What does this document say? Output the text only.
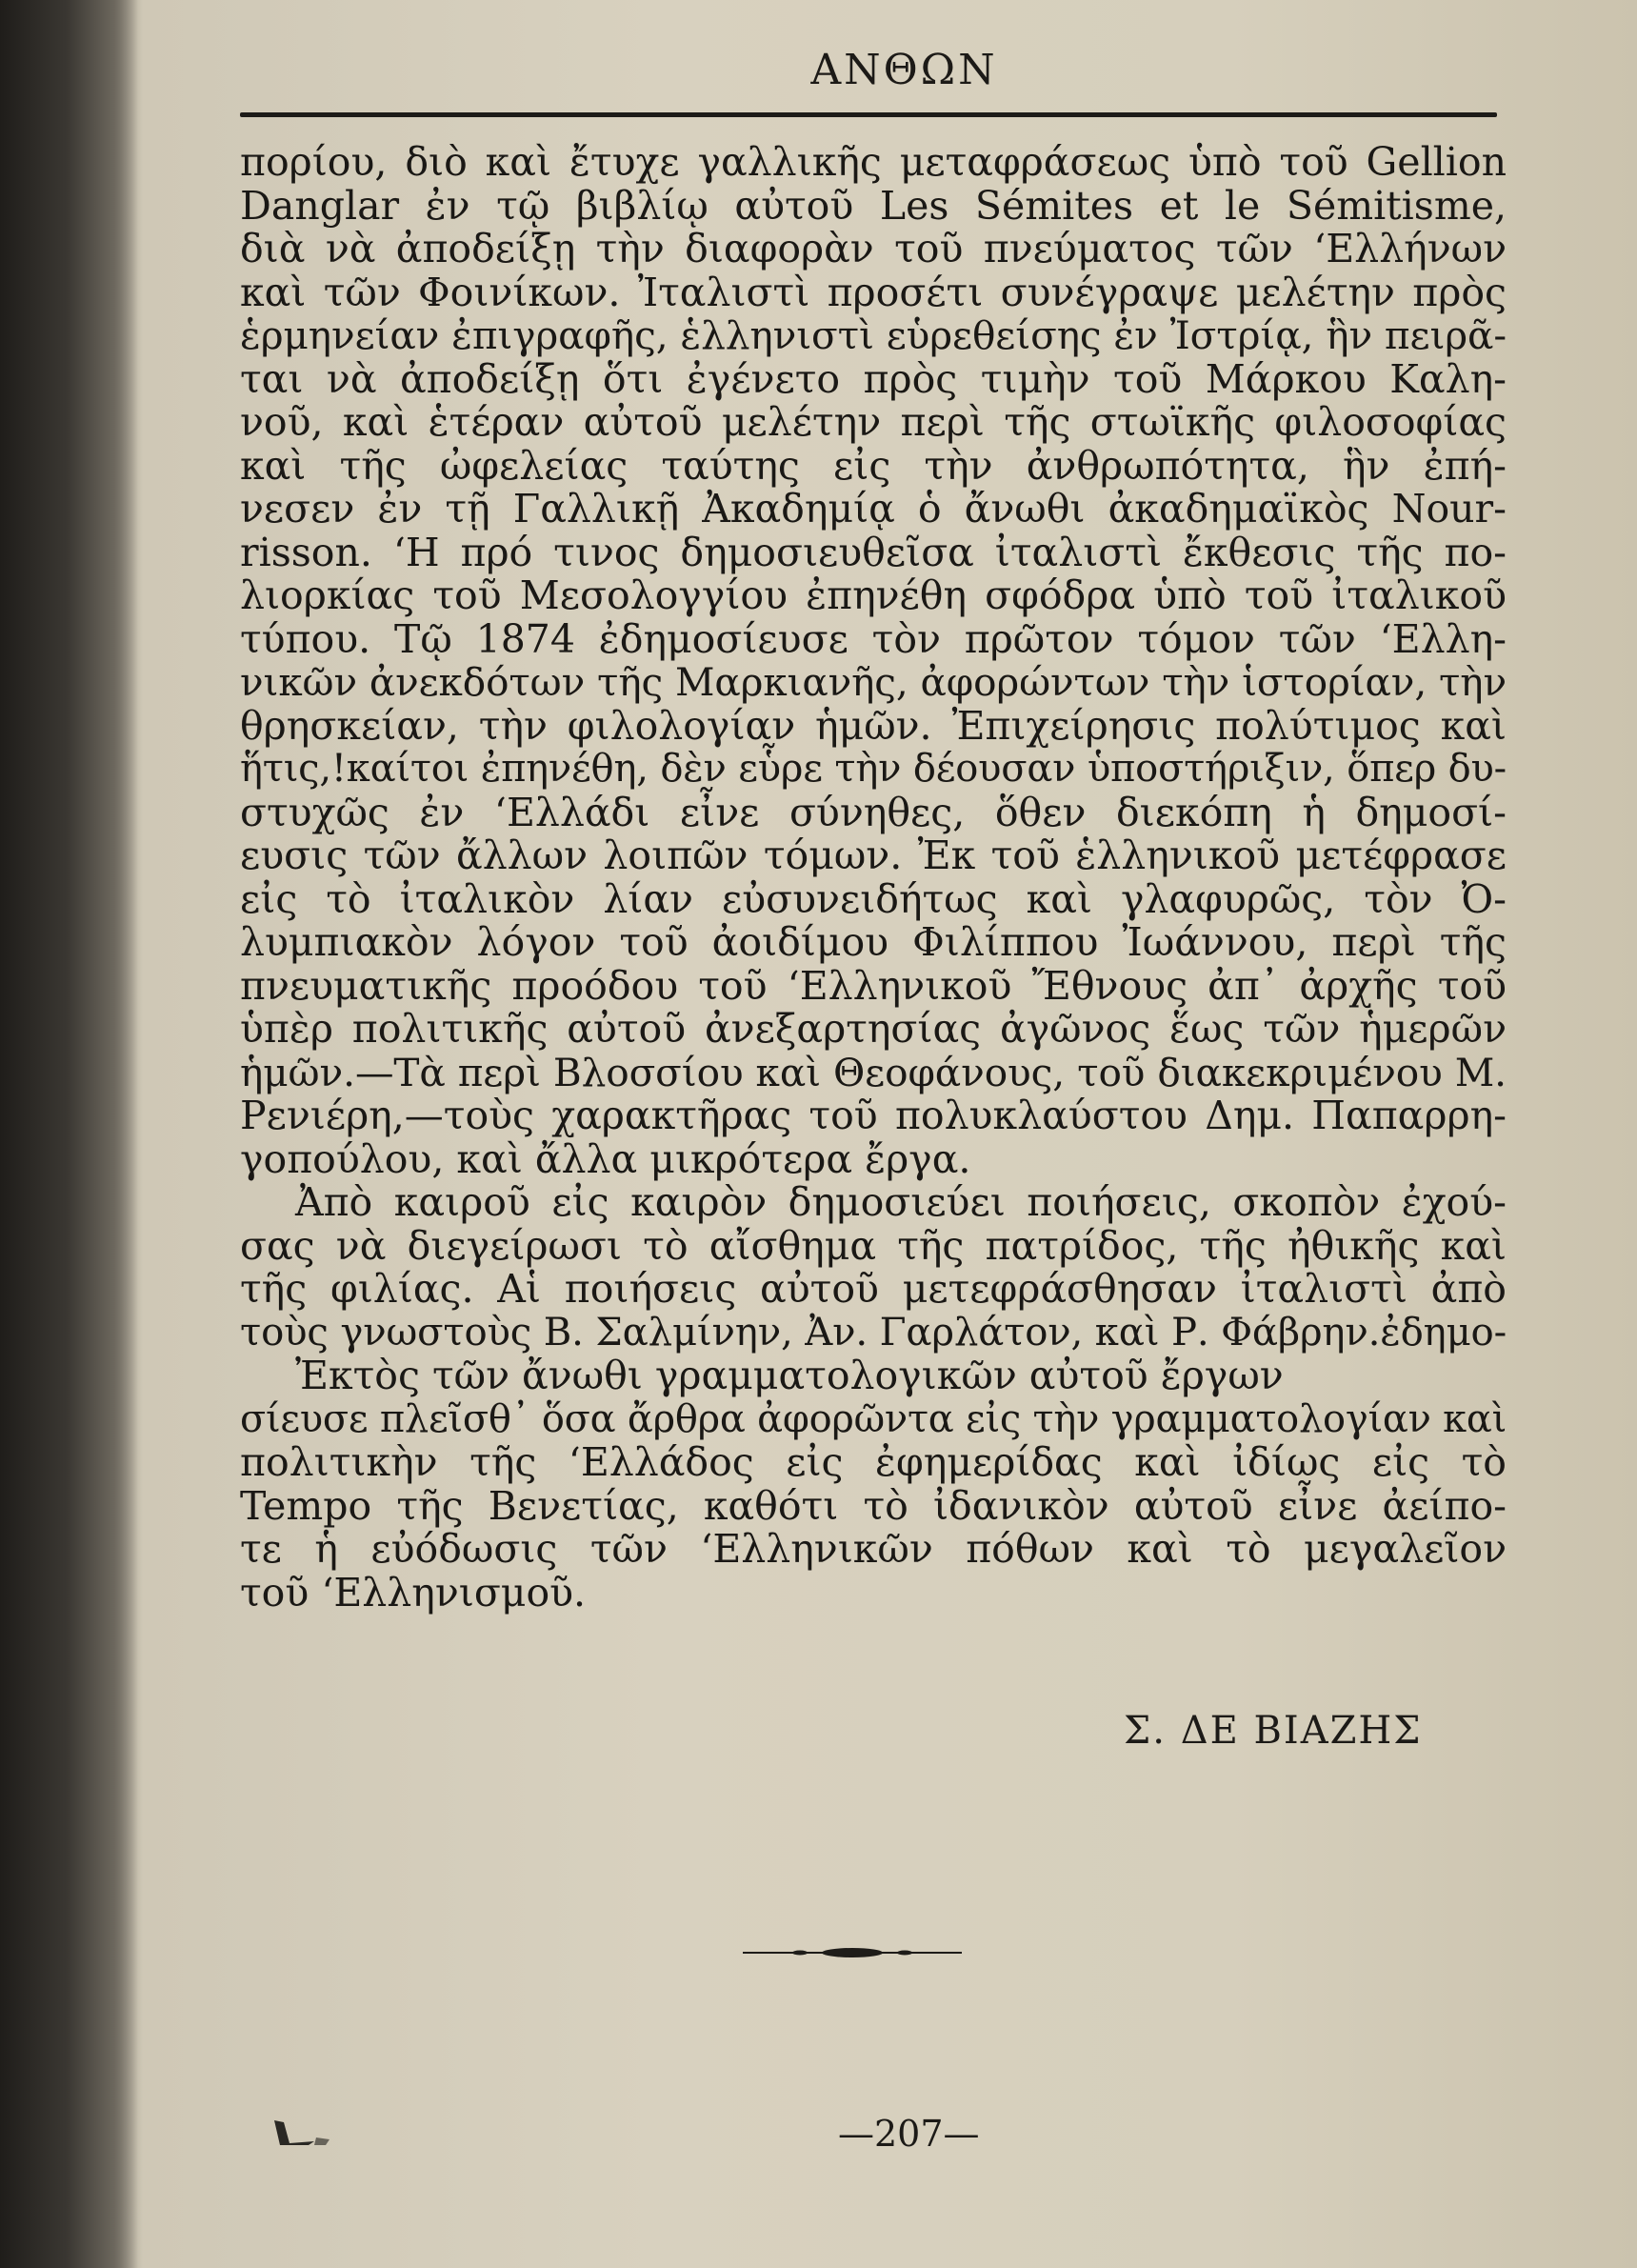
ΑΝΘΩΝ
πορίου, διὸ καὶ ἔτυχε γαλλικῆς μεταφράσεως ὑπὸ τοῦ Gellion
Danglar ἐν τῷ βιβλίῳ αὐτοῦ Les Sémites et le Sémitisme,
διὰ νὰ ἀποδείξῃ τὴν διαφορὰν τοῦ πνεύματος τῶν ‘Ελλήνων
καὶ τῶν Φοινίκων. Ἰταλιστὶ προσέτι συνέγραψε μελέτην πρὸς
ἑρμηνείαν ἐπιγραφῆς, ἑλληνιστὶ εὑρεθείσης ἐν Ἰστρίᾳ, ἣν πειρᾶ-
ται νὰ ἀποδείξῃ ὅτι ἐγένετο πρὸς τιμὴν τοῦ Μάρκου Καλη-
νοῦ, καὶ ἑτέραν αὐτοῦ μελέτην περὶ τῆς στωϊκῆς φιλοσοφίας
καὶ τῆς ὠφελείας ταύτης εἰς τὴν ἀνθρωπότητα, ἣν ἐπή-
νεσεν ἐν τῇ Γαλλικῇ Ἀκαδημίᾳ ὁ ἄνωθι ἀκαδημαϊκὸς Nour-
risson. ‘Η πρό τινος δημοσιευθεῖσα ἰταλιστὶ ἔκθεσις τῆς πο-
λιορκίας τοῦ Μεσολογγίου ἐπηνέθη σφόδρα ὑπὸ τοῦ ἰταλικοῦ
τύπου. Τῷ 1874 ἐδημοσίευσε τὸν πρῶτον τόμον τῶν ‘Ελλη-
νικῶν ἀνεκδότων τῆς Μαρκιανῆς, ἀφορώντων τὴν ἱστορίαν, τὴν
θρησκείαν, τὴν φιλολογίαν ἡμῶν. Ἐπιχείρησις πολύτιμος καὶ
ἥτις,!καίτοι ἐπηνέθη, δὲν εὗρε τὴν δέουσαν ὑποστήριξιν, ὅπερ δυ-
στυχῶς ἐν ‘Ελλάδι εἶνε σύνηθες, ὅθεν διεκόπη ἡ δημοσί-
ευσις τῶν ἄλλων λοιπῶν τόμων. Ἐκ τοῦ ἑλληνικοῦ μετέφρασε
εἰς τὸ ἰταλικὸν λίαν εὐσυνειδήτως καὶ γλαφυρῶς, τὸν Ὀ-
λυμπιακὸν λόγον τοῦ ἀοιδίμου Φιλίππου Ἰωάννου, περὶ τῆς
πνευματικῆς προόδου τοῦ ‘Ελληνικοῦ Ἔθνους ἀπ᾽ ἀρχῆς τοῦ
ὑπὲρ πολιτικῆς αὐτοῦ ἀνεξαρτησίας ἀγῶνος ἕως τῶν ἡμερῶν
ἡμῶν.—Τὰ περὶ Βλοσσίου καὶ Θεοφάνους, τοῦ διακεκριμένου Μ.
Ρενιέρη,—τοὺς χαρακτῆρας τοῦ πολυκλαύστου Δημ. Παπαρρη-
γοπούλου, καὶ ἄλλα μικρότερα ἔργα.
Ἀπὸ καιροῦ εἰς καιρὸν δημοσιεύει ποιήσεις, σκοπὸν ἐχού-
σας νὰ διεγείρωσι τὸ αἴσθημα τῆς πατρίδος, τῆς ἠθικῆς καὶ
τῆς φιλίας. Αἱ ποιήσεις αὐτοῦ μετεφράσθησαν ἰταλιστὶ ἀπὸ
τοὺς γνωστοὺς Β. Σαλμίνην, Ἀν. Γαρλάτον, καὶ Ρ. Φάβρην.ἐδημο-
Ἐκτὸς τῶν ἄνωθι γραμματολογικῶν αὐτοῦ ἔργων
σίευσε πλεῖσθ᾽ ὅσα ἄρθρα ἀφορῶντα εἰς τὴν γραμματολογίαν καὶ
πολιτικὴν τῆς ‘Ελλάδος εἰς ἐφημερίδας καὶ ἰδίως εἰς τὸ
Tempo τῆς Βενετίας, καθότι τὸ ἰδανικὸν αὐτοῦ εἶνε ἀείπο-
τε ἡ εὐόδωσις τῶν ‘Ελληνικῶν πόθων καὶ τὸ μεγαλεῖον
τοῦ ‘Ελληνισμοῦ.
Σ. ΔΕ ΒΙΑΖΗΣ
—207—
